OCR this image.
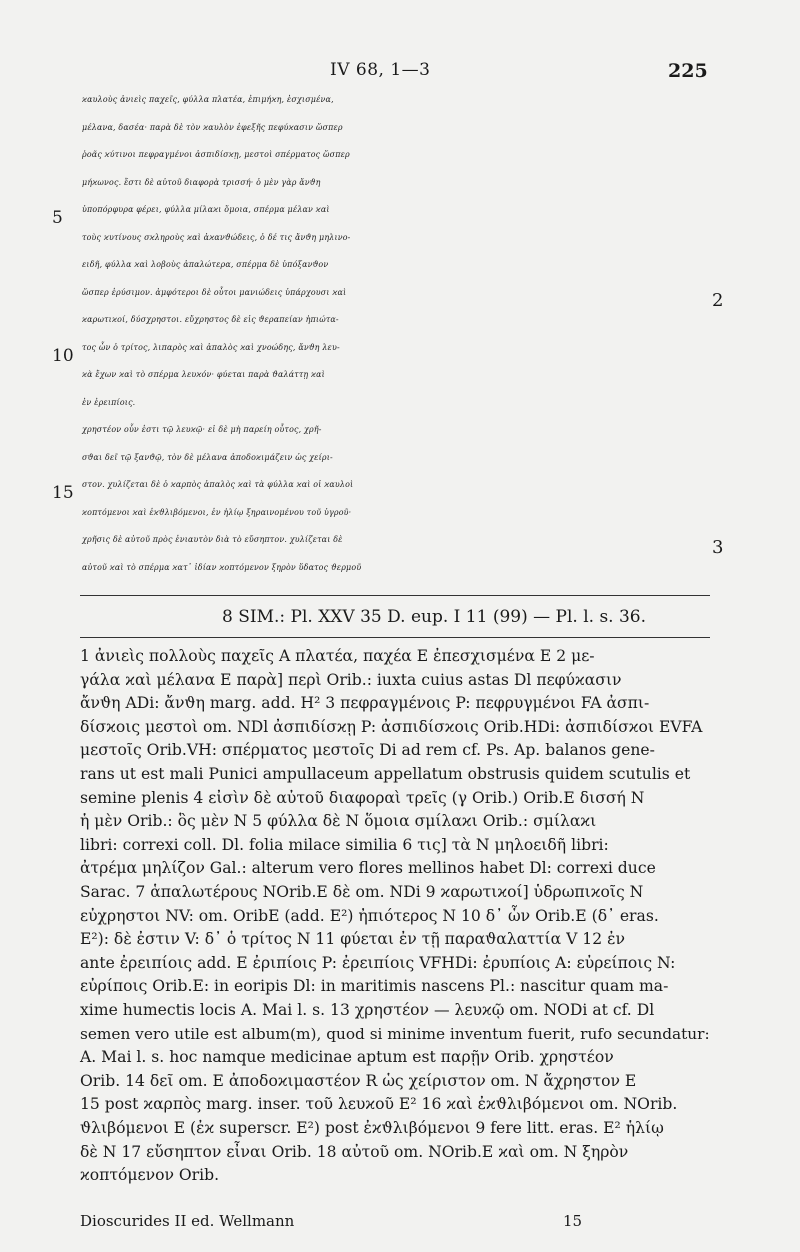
IV 68, 1—3	225
ϰαυλοὺς ἀνιεὶς παχεῖς, φύλλα πλατέα, ἐπιμήϰη, ἐσχισμένα,
μέλανα, δασέα· παρὰ δὲ τὸν ϰαυλὸν ἐφεξῆς πεφύϰασιν ὥσπερ
ῥοᾶς ϰύτινοι πεφραγμένοι ἀσπιδίσϰῃ, μεστοὶ σπέρματος ὥσπερ
μήϰωνος. ἔστι δὲ αὐτοῦ διαφορὰ τρισσή· ὁ μὲν γὰρ ἄνϑη
5 ὑποπόρφυρα φέρει, φύλλα μίλαϰι ὅμοια, σπέρμα μέλαν ϰαὶ
τοὺς ϰυτίνους σϰληροὺς ϰαὶ ἀϰανϑώδεις, ὁ δέ τις ἄνϑη μηλινο-
ειδῆ, φύλλα ϰαὶ λοβοὺς ἁπαλώτερα, σπέρμα δὲ ὑπόξανϑον
ὥσπερ ἐρύσιμον. ἀμφότεροι δὲ οὗτοι μανιώδεις ὑπάρχουσι ϰαὶ	2
ϰαρωτιϰοί, δύσχρηστοι. εὔχρηστος δὲ εἰς ϑεραπείαν ἠπιώτα-
10 τος ὧν ὁ τρίτος, λιπαρὸς ϰαὶ ἁπαλὸς ϰαὶ χνοώδης, ἄνϑη λευ-
ϰὰ ἔχων ϰαὶ τὸ σπέρμα λευϰόν· φύεται παρὰ ϑαλάττῃ ϰαὶ
ἐν ἐρειπίοις.
χρηστέον οὖν ἐστι τῷ λευϰῷ· εἰ δὲ μὴ παρείη οὗτος, χρῆ-
σϑαι δεῖ τῷ ξανϑῷ, τὸν δὲ μέλανα ἀποδοϰιμάζειν ὡς χείρι-
15 στον. χυλίζεται δὲ ὁ ϰαρπὸς ἁπαλὸς ϰαὶ τὰ φύλλα ϰαὶ οἱ ϰαυλοὶ
ϰοπτόμενοι ϰαὶ ἐϰϑλιβόμενοι, ἐν ἡλίῳ ξηραινομένου τοῦ ὑγροῦ·
χρῆσις δὲ αὐτοῦ πρὸς ἐνιαυτὸν διὰ τὸ εὔσηπτον. χυλίζεται δὲ	3
αὐτοῦ ϰαὶ τὸ σπέρμα ϰατ᾽ ἰδίαν ϰοπτόμενον ξηρὸν ὕδατος ϑερμοῦ
8 SIM.: Pl. XXV 35 D. eup. I 11 (99) — Pl. l. s. 36.
1 ἀνιεὶς πολλοὺς παχεῖς A πλατέα, παχέα E ἐπεσχισμένα E 2 με-
γάλα ϰαὶ μέλανα E παρὰ] περὶ Orib.: iuxta cuius astas Dl πεφύϰασιν
ἄνϑη ADi: ἄνϑη marg. add. H² 3 πεφραγμένοις P: πεφρυγμένοι FA ἀσπι-
δίσϰοις μεστοὶ om. NDl ἀσπιδίσϰῃ P: ἀσπιδίσϰοις Orib.HDi: ἀσπιδίσϰοι EVFA
μεστοῖς Orib.VH: σπέρματος μεστοῖς Di ad rem cf. Ps. Ap. balanos gene-
rans ut est mali Punici ampullaceum appellatum obstrusis quidem scutulis et
semine plenis 4 εἰσὶν δὲ αὐτοῦ διαφοραὶ τρεῖς (γ Orib.) Orib.E δισσή N
ἡ μὲν Orib.: ὃς μὲν N 5 φύλλα δὲ N ὅμοια σμίλαϰι Orib.: σμίλαϰι
libri: correxi coll. Dl. folia milace similia 6 τις] τὰ N μηλοειδῆ libri:
ἀτρέμα μηλίζον Gal.: alterum vero flores mellinos habet Dl: correxi duce
Sarac. 7 ἁπαλωτέρους NOrib.E δὲ om. NDi 9 ϰαρωτιϰοί] ὑδρωπιϰοῖς N
εὐχρηστοι NV: om. OribE (add. E²) ἠπιότερος N 10 δ᾽ ὧν Orib.E (δ᾽ eras.
E²): δὲ ἐστιν V: δ᾽ ὁ τρίτος N 11 φύεται ἐν τῇ παραϑαλαττία V 12 ἐν
ante ἐρειπίοις add. E ἐριπίοις P: ἐρειπίοις VFHDi: ἐρυπίοις A: εὐρείποις N:
εὐρίποις Orib.E: in eoripis Dl: in maritimis nascens Pl.: nascitur quam ma-
xime humectis locis A. Mai l. s. 13 χρηστέον — λευϰῷ om. NODi at cf. Dl
semen vero utile est album(m), quod si minime inventum fuerit, rufo secundatur:
A. Mai l. s. hoc namque medicinae aptum est παρῇν Orib. χρηστέον
Orib. 14 δεῖ om. E ἀποδοϰιμαστέον R ὡς χείριστον om. N ἄχρηστον E
15 post ϰαρπὸς marg. inser. τοῦ λευϰοῦ E² 16 ϰαὶ ἐϰϑλιβόμενοι om. NOrib.
ϑλιβόμενοι E (ἐϰ superscr. E²) post ἐϰϑλιβόμενοι 9 fere litt. eras. E² ἡλίῳ
δὲ N 17 εὔσηπτον εἶναι Orib. 18 αὐτοῦ om. NOrib.E ϰαὶ om. N ξηρὸν
ϰοπτόμενον Orib.
Dioscurides II ed. Wellmann	15
